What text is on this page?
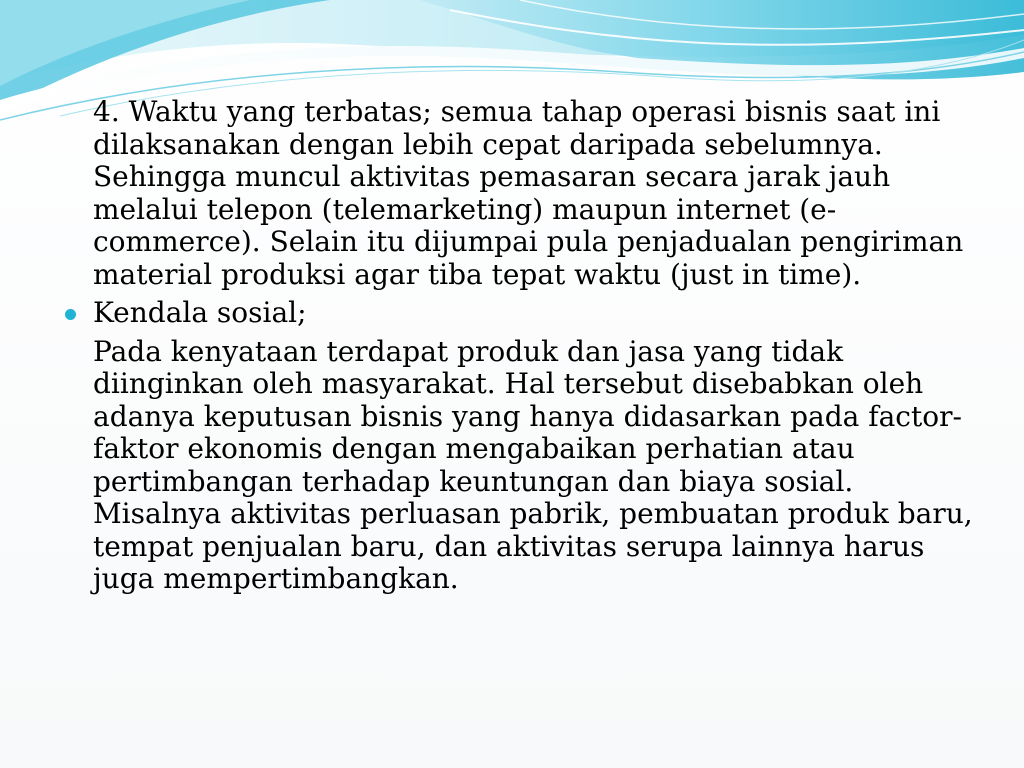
4. Waktu yang terbatas; semua tahap operasi bisnis saat ini dilaksanakan dengan lebih cepat daripada sebelumnya. Sehingga muncul aktivitas pemasaran secara jarak jauh melalui telepon (telemarketing) maupun internet (e-commerce). Selain itu dijumpai pula penjadualan pengiriman material produksi agar tiba tepat waktu (just in time).

Kendala sosial;

Pada kenyataan terdapat produk dan jasa yang tidak diinginkan oleh masyarakat. Hal tersebut disebabkan oleh adanya keputusan bisnis yang hanya didasarkan pada factor-faktor ekonomis dengan mengabaikan perhatian atau pertimbangan terhadap keuntungan dan biaya sosial. Misalnya aktivitas perluasan pabrik, pembuatan produk baru, tempat penjualan baru, dan aktivitas serupa lainnya harus juga mempertimbangkan.
